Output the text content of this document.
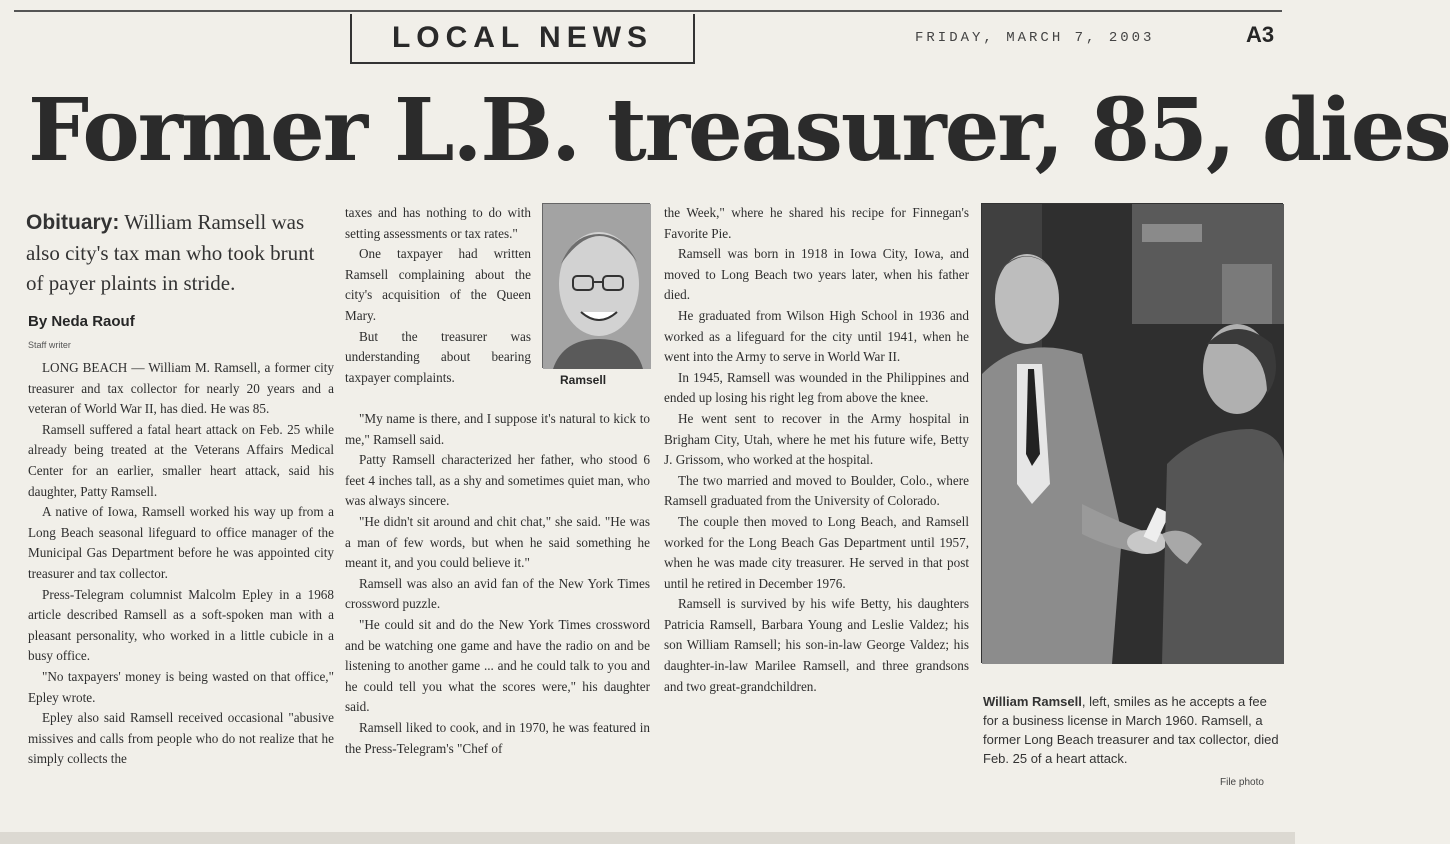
LOCAL NEWS	FRIDAY, MARCH 7, 2003	A3
Former L.B. treasurer, 85, dies
Obituary: William Ramsell was also city's tax man who took brunt of payer plaints in stride.
By Neda Raouf
Staff writer

LONG BEACH — William M. Ramsell, a former city treasurer and tax collector for nearly 20 years and a veteran of World War II, has died. He was 85.

Ramsell suffered a fatal heart attack on Feb. 25 while already being treated at the Veterans Affairs Medical Center for an earlier, smaller heart attack, said his daughter, Patty Ramsell.

A native of Iowa, Ramsell worked his way up from a Long Beach seasonal lifeguard to office manager of the Municipal Gas Department before he was appointed city treasurer and tax collector.

Press-Telegram columnist Malcolm Epley in a 1968 article described Ramsell as a soft-spoken man with a pleasant personality, who worked in a little cubicle in a busy office.

"No taxpayers' money is being wasted on that office," Epley wrote.

Epley also said Ramsell received occasional "abusive missives and calls from people who do not realize that he simply collects the

taxes and has nothing to do with setting assessments or tax rates."

One taxpayer had written Ramsell complaining about the city's acquisition of the Queen Mary.

But the treasurer was understanding about bearing taxpayer complaints.	Ramsell

"My name is there, and I suppose it's natural to kick to me," Ramsell said.

Patty Ramsell characterized her father, who stood 6 feet 4 inches tall, as a shy and sometimes quiet man, who was always sincere.

"He didn't sit around and chit chat," she said. "He was a man of few words, but when he said something he meant it, and you could believe it."

Ramsell was also an avid fan of the New York Times crossword puzzle.

"He could sit and do the New York Times crossword and be watching one game and have the radio on and be listening to another game ... and he could talk to you and he could tell you what the scores were," his daughter said.

Ramsell liked to cook, and in 1970, he was featured in the Press-Telegram's "Chef of

the Week," where he shared his recipe for Finnegan's Favorite Pie.

Ramsell was born in 1918 in Iowa City, Iowa, and moved to Long Beach two years later, when his father died.

He graduated from Wilson High School in 1936 and worked as a lifeguard for the city until 1941, when he went into the Army to serve in World War II.

In 1945, Ramsell was wounded in the Philippines and ended up losing his right leg from above the knee.

He went sent to recover in the Army hospital in Brigham City, Utah, where he met his future wife, Betty J. Grissom, who worked at the hospital.

The two married and moved to Boulder, Colo., where Ramsell graduated from the University of Colorado.

The couple then moved to Long Beach, and Ramsell worked for the Long Beach Gas Department until 1957, when he was made city treasurer. He served in that post until he retired in December 1976.

Ramsell is survived by his wife Betty, his daughters Patricia Ramsell, Barbara Young and Leslie Valdez; his son William Ramsell; his son-in-law George Valdez; his daughter-in-law Marilee Ramsell, and three grandsons and two great-grandchildren.

William Ramsell, left, smiles as he accepts a fee for a business license in March 1960. Ramsell, a former Long Beach treasurer and tax collector, died Feb. 25 of a heart attack.
File photo
